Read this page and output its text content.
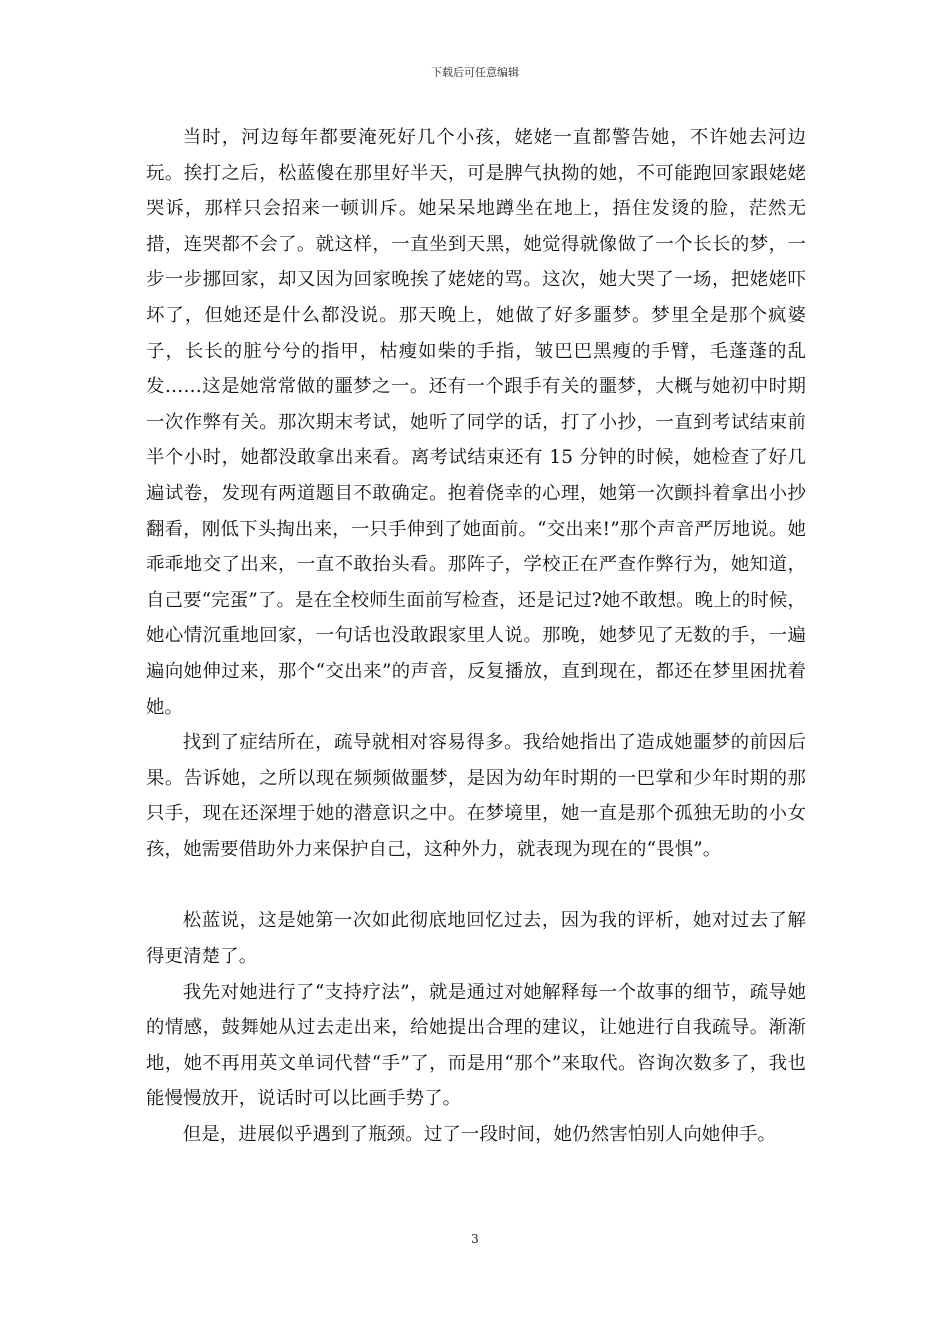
下载后可任意编辑

当时，河边每年都要淹死好几个小孩，姥姥一直都警告她，不许她去河边玩。挨打之后，松蓝傻在那里好半天，可是脾气执拗的她，不可能跑回家跟姥姥哭诉，那样只会招来一顿训斥。她呆呆地蹲坐在地上，捂住发烫的脸，茫然无措，连哭都不会了。就这样，一直坐到天黑，她觉得就像做了一个长长的梦，一步一步挪回家，却又因为回家晚挨了姥姥的骂。这次，她大哭了一场，把姥姥吓坏了，但她还是什么都没说。那天晚上，她做了好多噩梦。梦里全是那个疯婆子，长长的脏兮兮的指甲，枯瘦如柴的手指，皱巴巴黑瘦的手臂，毛蓬蓬的乱发……这是她常常做的噩梦之一。还有一个跟手有关的噩梦，大概与她初中时期一次作弊有关。那次期末考试，她听了同学的话，打了小抄，一直到考试结束前半个小时，她都没敢拿出来看。离考试结束还有 15 分钟的时候，她检查了好几遍试卷，发现有两道题目不敢确定。抱着侥幸的心理，她第一次颤抖着拿出小抄翻看，刚低下头掏出来，一只手伸到了她面前。“交出来!”那个声音严厉地说。她乖乖地交了出来，一直不敢抬头看。那阵子，学校正在严查作弊行为，她知道，自己要“完蛋”了。是在全校师生面前写检查，还是记过?她不敢想。晚上的时候，她心情沉重地回家，一句话也没敢跟家里人说。那晚，她梦见了无数的手，一遍遍向她伸过来，那个“交出来”的声音，反复播放，直到现在，都还在梦里困扰着她。

找到了症结所在，疏导就相对容易得多。我给她指出了造成她噩梦的前因后果。告诉她，之所以现在频频做噩梦，是因为幼年时期的一巴掌和少年时期的那只手，现在还深埋于她的潜意识之中。在梦境里，她一直是那个孤独无助的小女孩，她需要借助外力来保护自己，这种外力，就表现为现在的“畏惧”。

松蓝说，这是她第一次如此彻底地回忆过去，因为我的评析，她对过去了解得更清楚了。

我先对她进行了“支持疗法”，就是通过对她解释每一个故事的细节，疏导她的情感，鼓舞她从过去走出来，给她提出合理的建议，让她进行自我疏导。渐渐地，她不再用英文单词代替“手”了，而是用“那个”来取代。咨询次数多了，我也能慢慢放开，说话时可以比画手势了。

但是，进展似乎遇到了瓶颈。过了一段时间，她仍然害怕别人向她伸手。

3
